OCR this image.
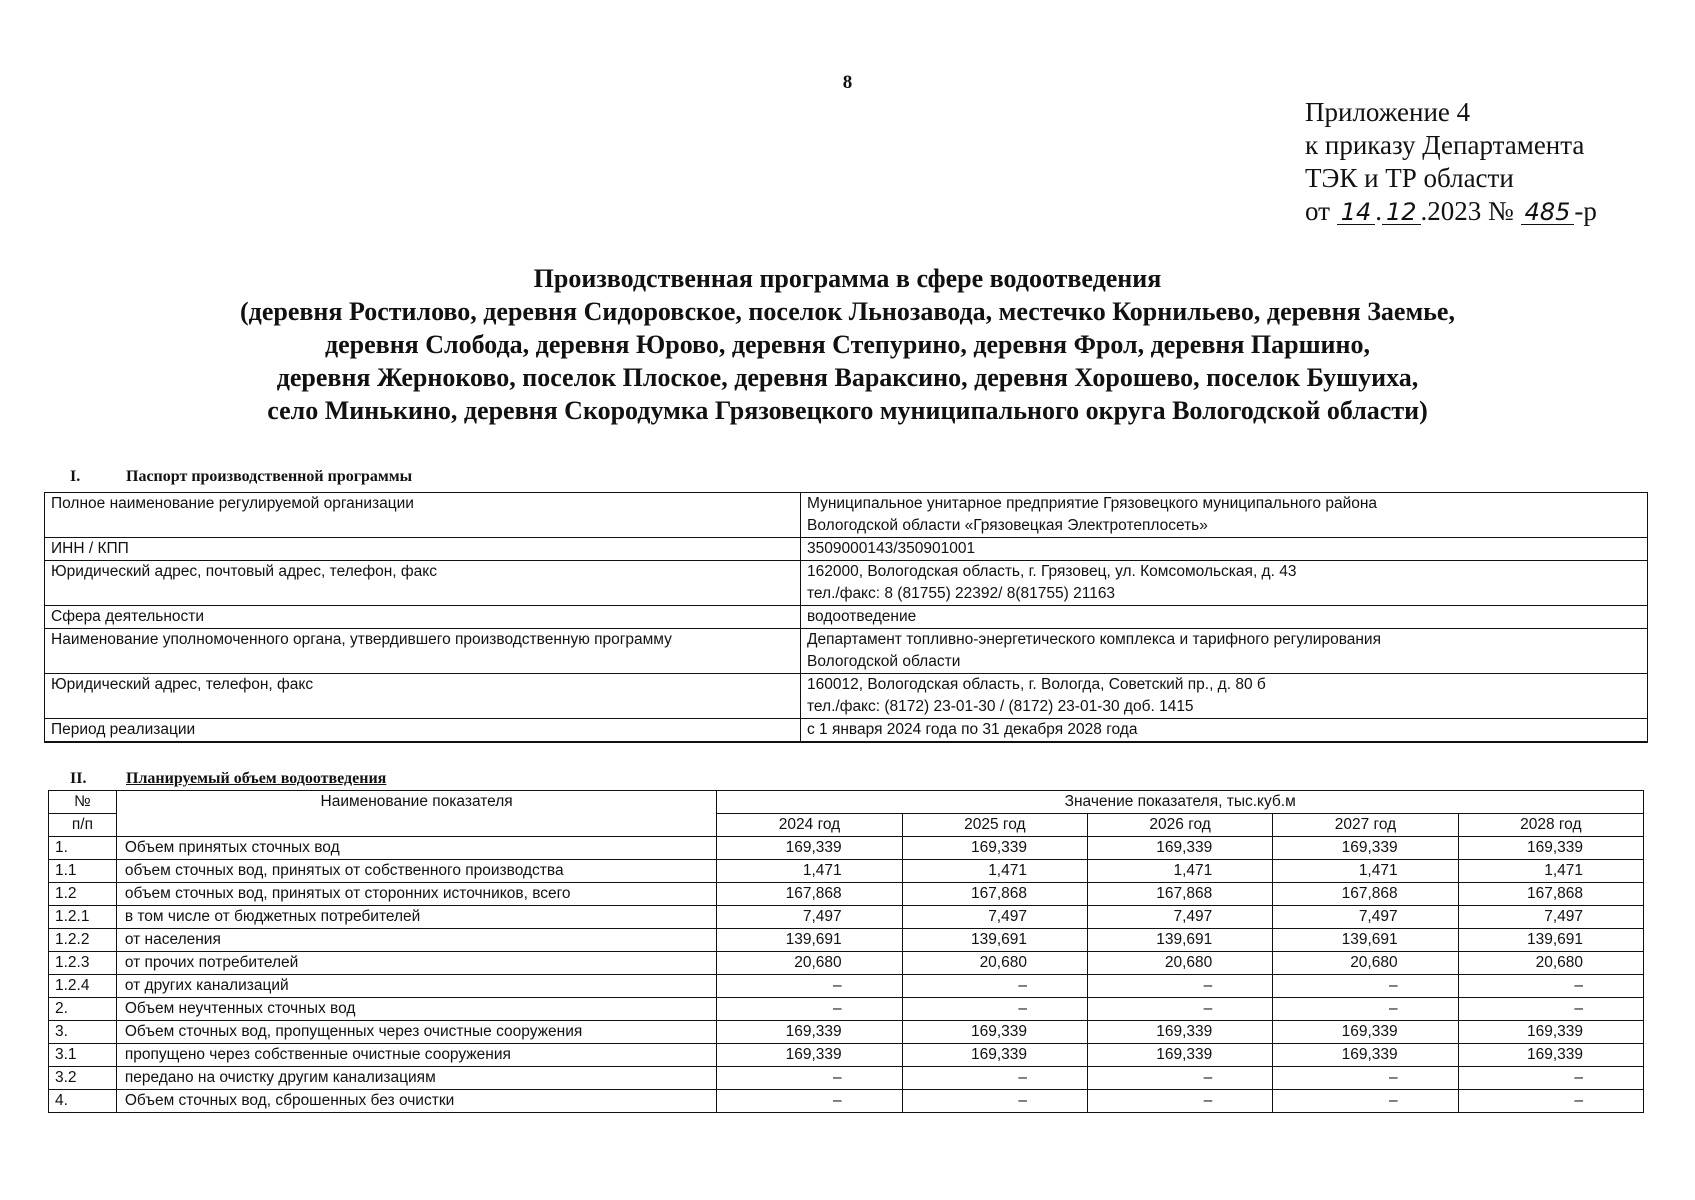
8
Приложение 4
к приказу Департамента
ТЭК и ТР области
от 14 . 12 .2023 № 485 -р
Производственная программа в сфере водоотведения
(деревня Ростилово, деревня Сидоровское, поселок Льнозавода, местечко Корнильево, деревня Заемье,
деревня Слобода, деревня Юрово, деревня Степурино, деревня Фрол, деревня Паршино,
деревня Жерноково, поселок Плоское, деревня Вараксино, деревня Хорошево, поселок Бушуиха,
село Минькино, деревня Скородумка Грязовецкого муниципального округа Вологодской области)
I.	Паспорт производственной программы
Полное наименование регулируемой организации	Муниципальное унитарное предприятие Грязовецкого муниципального района
Вологодской области «Грязовецкая Электротеплосеть»

ИНН / КПП	3509000143/350901001

Юридический адрес, почтовый адрес, телефон, факс	162000, Вологодская область, г. Грязовец, ул. Комсомольская, д. 43
тел./факс: 8 (81755) 22392/ 8(81755) 21163

Сфера деятельности	водоотведение

Наименование уполномоченного органа, утвердившего производственную программу	Департамент топливно-энергетического комплекса и тарифного регулирования
Вологодской области

Юридический адрес, телефон, факс	160012, Вологодская область, г. Вологда, Советский пр., д. 80 б
тел./факс: (8172) 23-01-30 / (8172) 23-01-30 доб. 1415

Период реализации	с 1 января 2024 года по 31 декабря 2028 года
II. Планируемый объем водоотведения
№	Наименование показателя	Значение показателя, тыс.куб.м				
п/п		2024 год	2025 год	2026 год	2027 год	2028 год
1.	Объем принятых сточных вод	169,339	169,339	169,339	169,339	169,339
1.1	объем сточных вод, принятых от собственного производства	1,471	1,471	1,471	1,471	1,471
1.2	объем сточных вод, принятых от сторонних источников, всего	167,868	167,868	167,868	167,868	167,868
1.2.1	в том числе от бюджетных потребителей	7,497	7,497	7,497	7,497	7,497
1.2.2	от населения	139,691	139,691	139,691	139,691	139,691
1.2.3	от прочих потребителей	20,680	20,680	20,680	20,680	20,680
1.2.4	от других канализаций	–	–	–	–	–
2.	Объем неучтенных сточных вод	–	–	–	–	–
3.	Объем сточных вод, пропущенных через очистные сооружения	169,339	169,339	169,339	169,339	169,339
3.1	пропущено через собственные очистные сооружения	169,339	169,339	169,339	169,339	169,339
3.2	передано на очистку другим канализациям	–	–	–	–	–
4.	Объем сточных вод, сброшенных без очистки	–	–	–	–	–
